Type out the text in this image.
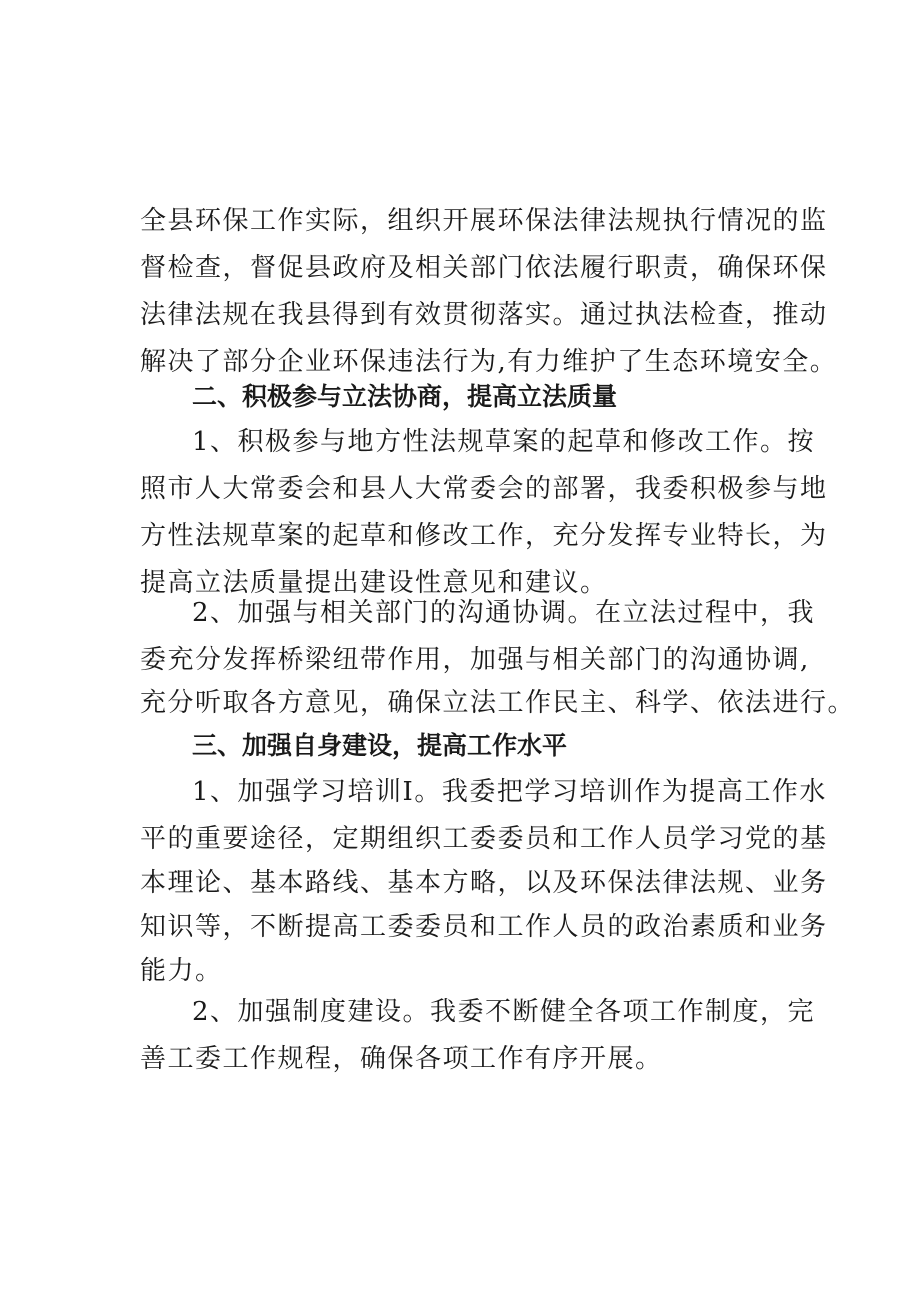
全县环保工作实际，组织开展环保法律法规执行情况的监
督检查，督促县政府及相关部门依法履行职责，确保环保
法律法规在我县得到有效贯彻落实。通过执法检查，推动
解决了部分企业环保违法行为,有力维护了生态环境安全。
二、积极参与立法协商，提高立法质量
1、积极参与地方性法规草案的起草和修改工作。按
照市人大常委会和县人大常委会的部署，我委积极参与地
方性法规草案的起草和修改工作，充分发挥专业特长，为
提高立法质量提出建设性意见和建议。
2、加强与相关部门的沟通协调。在立法过程中，我
委充分发挥桥梁纽带作用，加强与相关部门的沟通协调,
充分听取各方意见，确保立法工作民主、科学、依法进行。
三、加强自身建设，提高工作水平
1、加强学习培训I。我委把学习培训作为提高工作水
平的重要途径，定期组织工委委员和工作人员学习党的基
本理论、基本路线、基本方略，以及环保法律法规、业务
知识等，不断提高工委委员和工作人员的政治素质和业务
能力。
2、加强制度建设。我委不断健全各项工作制度，完
善工委工作规程，确保各项工作有序开展。
